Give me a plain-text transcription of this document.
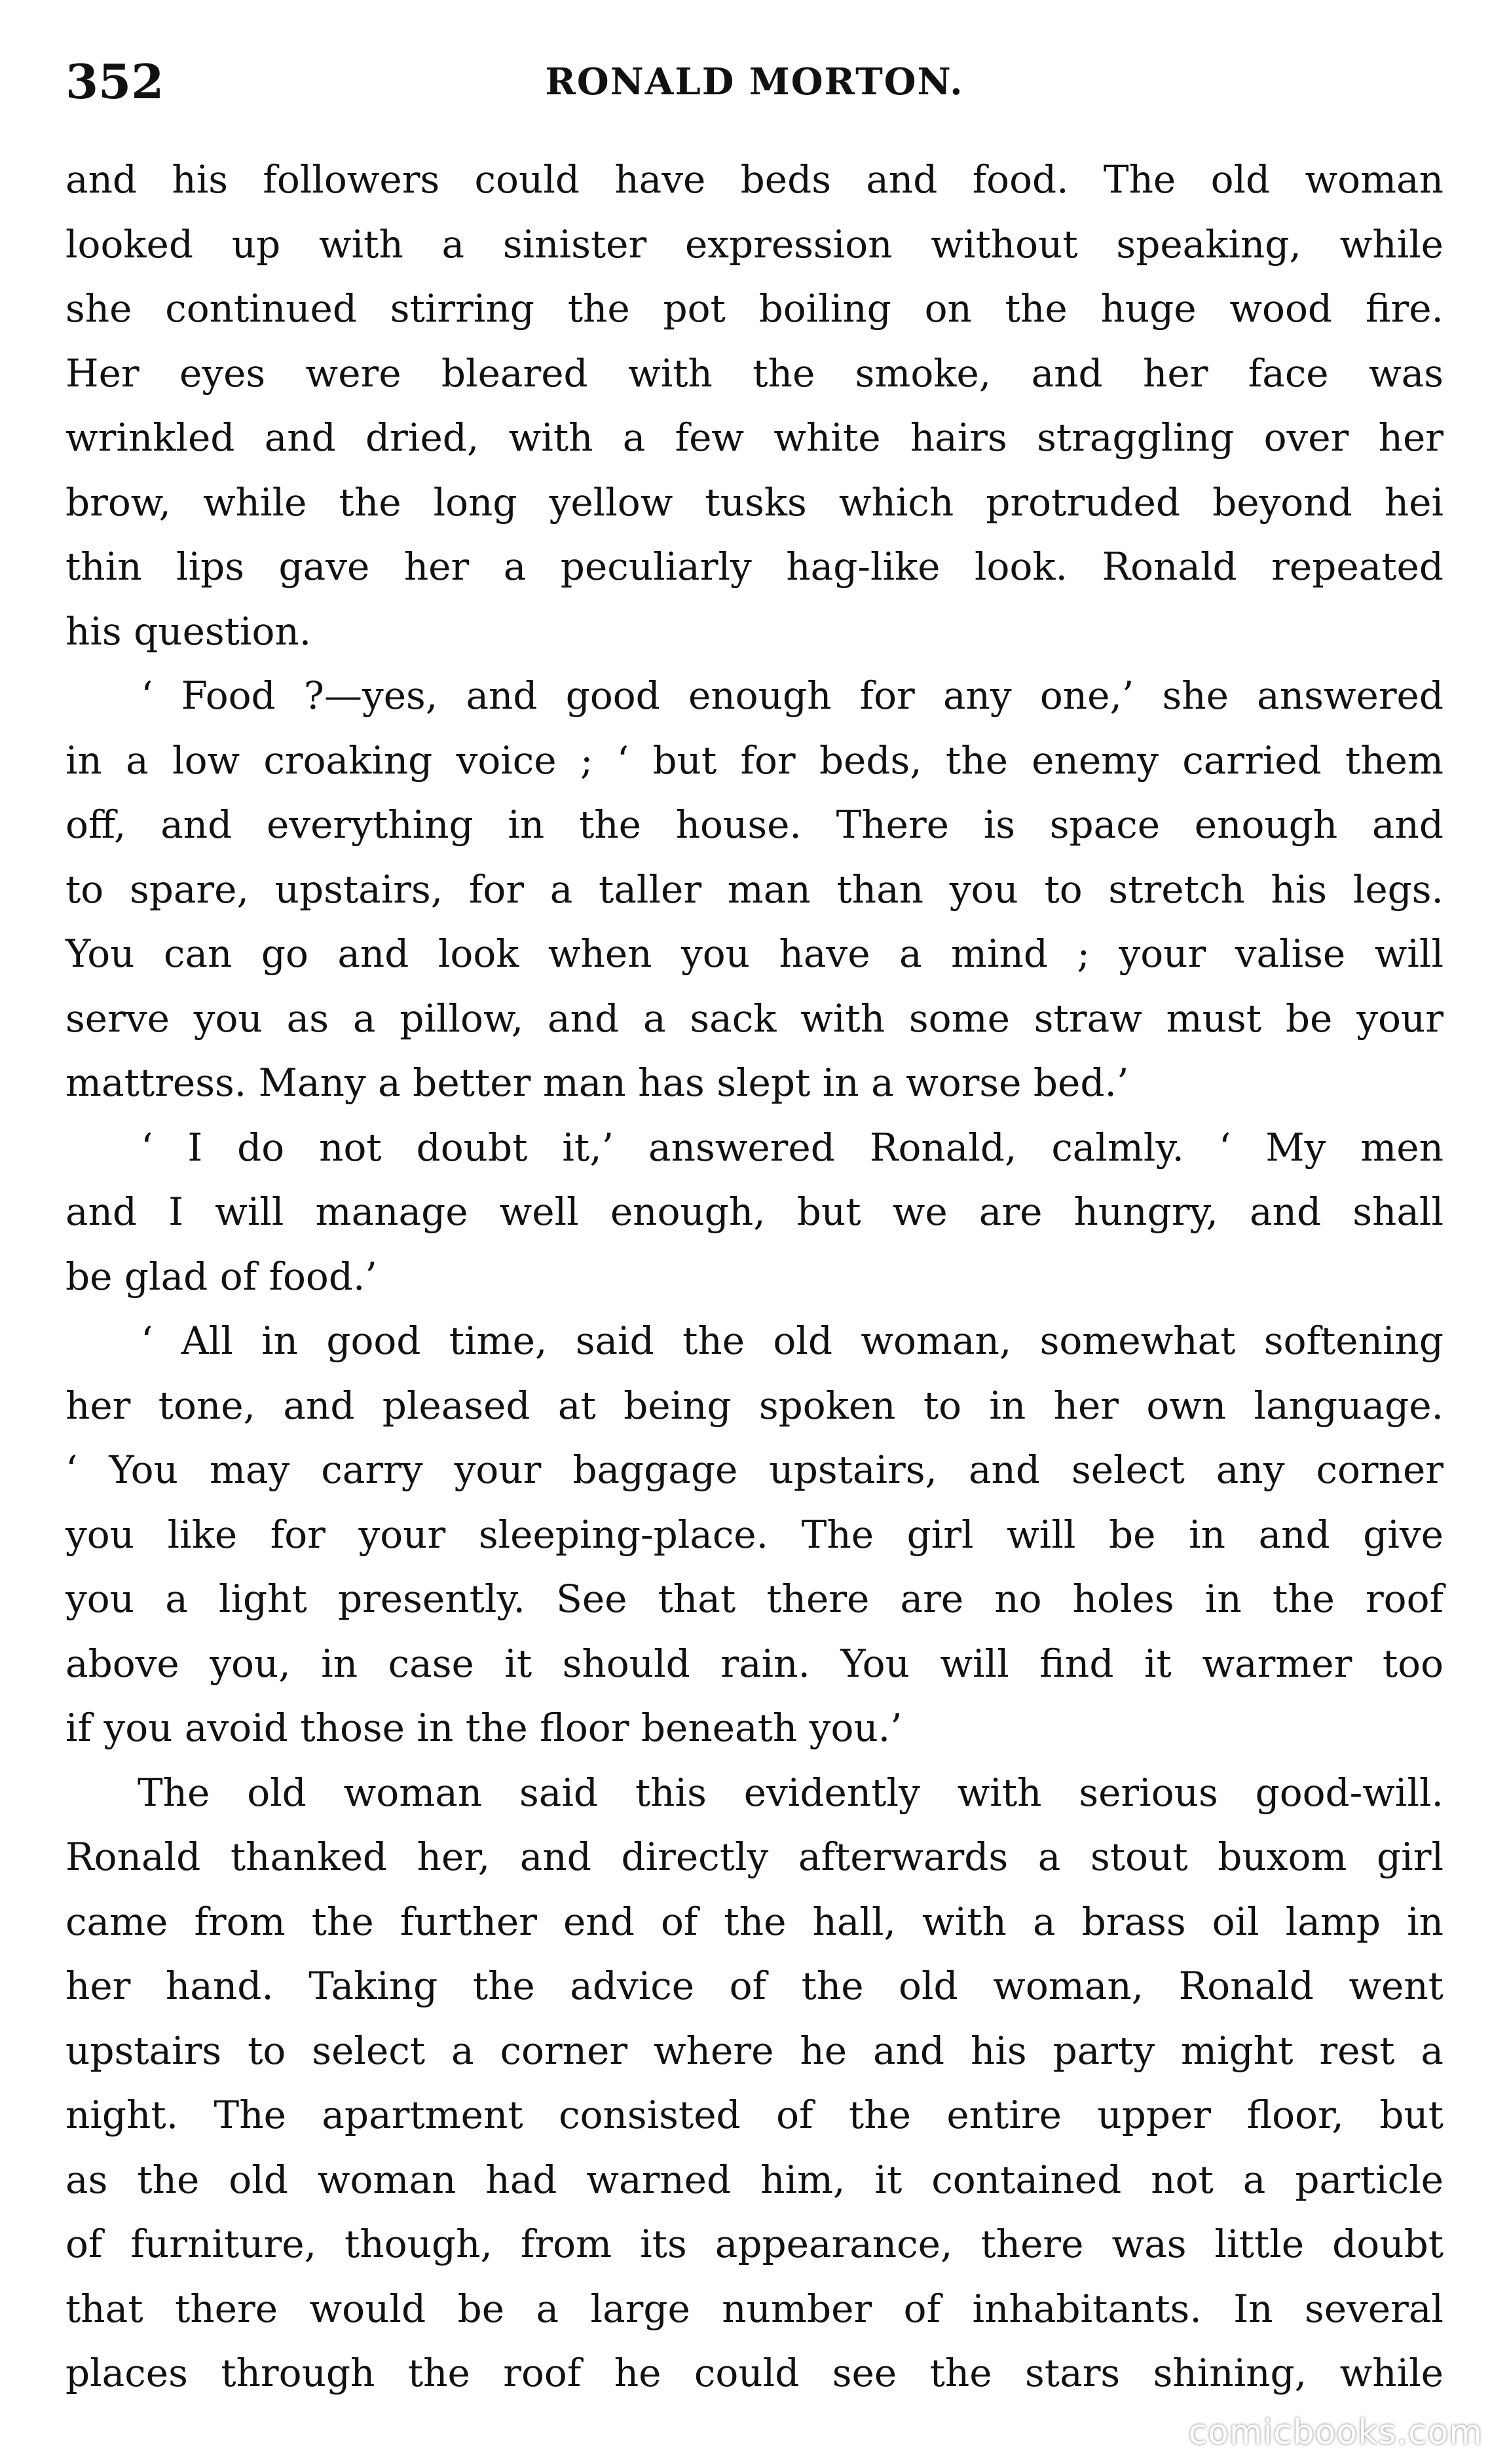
352	RONALD MORTON.
and his followers could have beds and food. The old woman
looked up with a sinister expression without speaking, while
she continued stirring the pot boiling on the huge wood fire.
Her eyes were bleared with the smoke, and her face was
wrinkled and dried, with a few white hairs straggling over her
brow, while the long yellow tusks which protruded beyond hei
thin lips gave her a peculiarly hag-like look. Ronald repeated
his question.
‘ Food ?—yes, and good enough for any one,’ she answered
in a low croaking voice ; ‘ but for beds, the enemy carried them
off, and everything in the house. There is space enough and
to spare, upstairs, for a taller man than you to stretch his legs.
You can go and look when you have a mind ; your valise will
serve you as a pillow, and a sack with some straw must be your
mattress. Many a better man has slept in a worse bed.’
‘ I do not doubt it,’ answered Ronald, calmly. ‘ My men
and I will manage well enough, but we are hungry, and shall
be glad of food.’
‘ All in good time, said the old woman, somewhat softening
her tone, and pleased at being spoken to in her own language.
‘ You may carry your baggage upstairs, and select any corner
you like for your sleeping-place. The girl will be in and give
you a light presently. See that there are no holes in the roof
above you, in case it should rain. You will find it warmer too
if you avoid those in the floor beneath you.’
The old woman said this evidently with serious good-will.
Ronald thanked her, and directly afterwards a stout buxom girl
came from the further end of the hall, with a brass oil lamp in
her hand. Taking the advice of the old woman, Ronald went
upstairs to select a corner where he and his party might rest a
night. The apartment consisted of the entire upper floor, but
as the old woman had warned him, it contained not a particle
of furniture, though, from its appearance, there was little doubt
that there would be a large number of inhabitants. In several
places through the roof he could see the stars shining, while
comicbooks.com
